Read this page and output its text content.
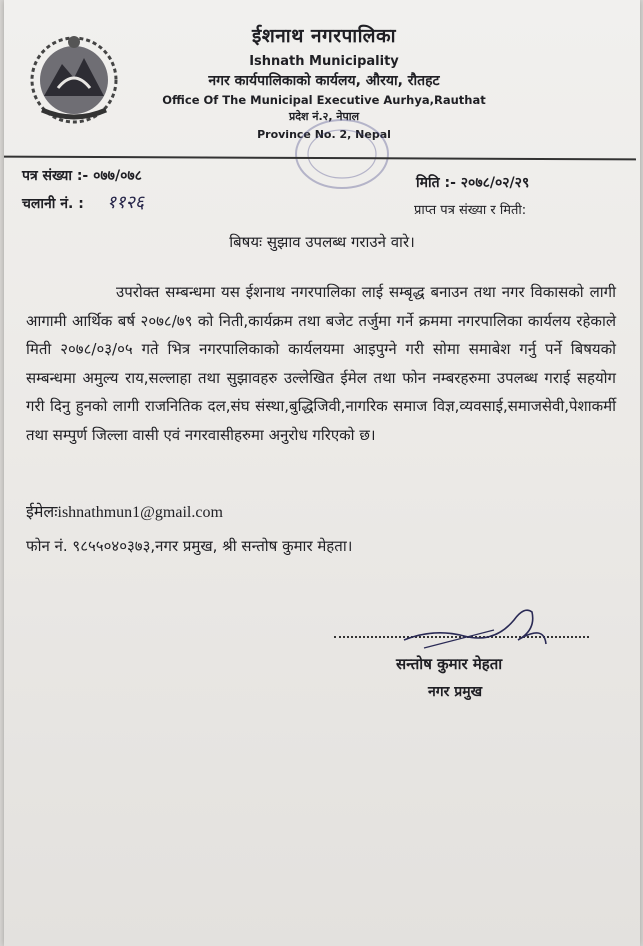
ईशनाथ नगरपालिका
Ishnath Municipality
नगर कार्यपालिकाको कार्यलय, औरया, रौतहट
Office Of The Municipal Executive Aurhya,Rauthat
प्रदेश नं.२, नेपाल
Province No. 2, Nepal
पत्र संख्या :- ०७७/०७८
चलानी नं. : ११२६
मिति :- २०७८/०२/२९
प्राप्त पत्र संख्या र मिती:
बिषयः सुझाव उपलब्ध गराउने वारे।
उपरोक्त सम्बन्धमा यस ईशनाथ नगरपालिका लाई सम्बृद्ध बनाउन तथा नगर विकासको लागी आगामी आर्थिक बर्ष २०७८/७९ को निती,कार्यक्रम तथा बजेट तर्जुमा गर्ने क्रममा नगरपालिका कार्यलय रहेकाले मिती २०७८/०३/०५ गते भित्र नगरपालिकाको कार्यलयमा आइपुग्ने गरी सोमा समाबेश गर्नु पर्ने बिषयको सम्बन्धमा अमुल्य राय,सल्लाहा तथा सुझावहरु उल्लेखित ईमेल तथा फोन नम्बरहरुमा उपलब्ध गराई सहयोग गरी दिनु हुनको लागी राजनितिक दल,संघ संस्था,बुद्धिजिवी,नागरिक समाज विज्ञ,व्यवसाई,समाजसेवी,पेशाकर्मी तथा सम्पुर्ण जिल्ला वासी एवं नगरवासीहरुमा अनुरोध गरिएको छ।
ईमेलःishnathmun1@gmail.com
फोन नं. ९८५५०४०३७३,नगर प्रमुख, श्री सन्तोष कुमार मेहता।
सन्तोष कुमार मेहता
नगर प्रमुख
